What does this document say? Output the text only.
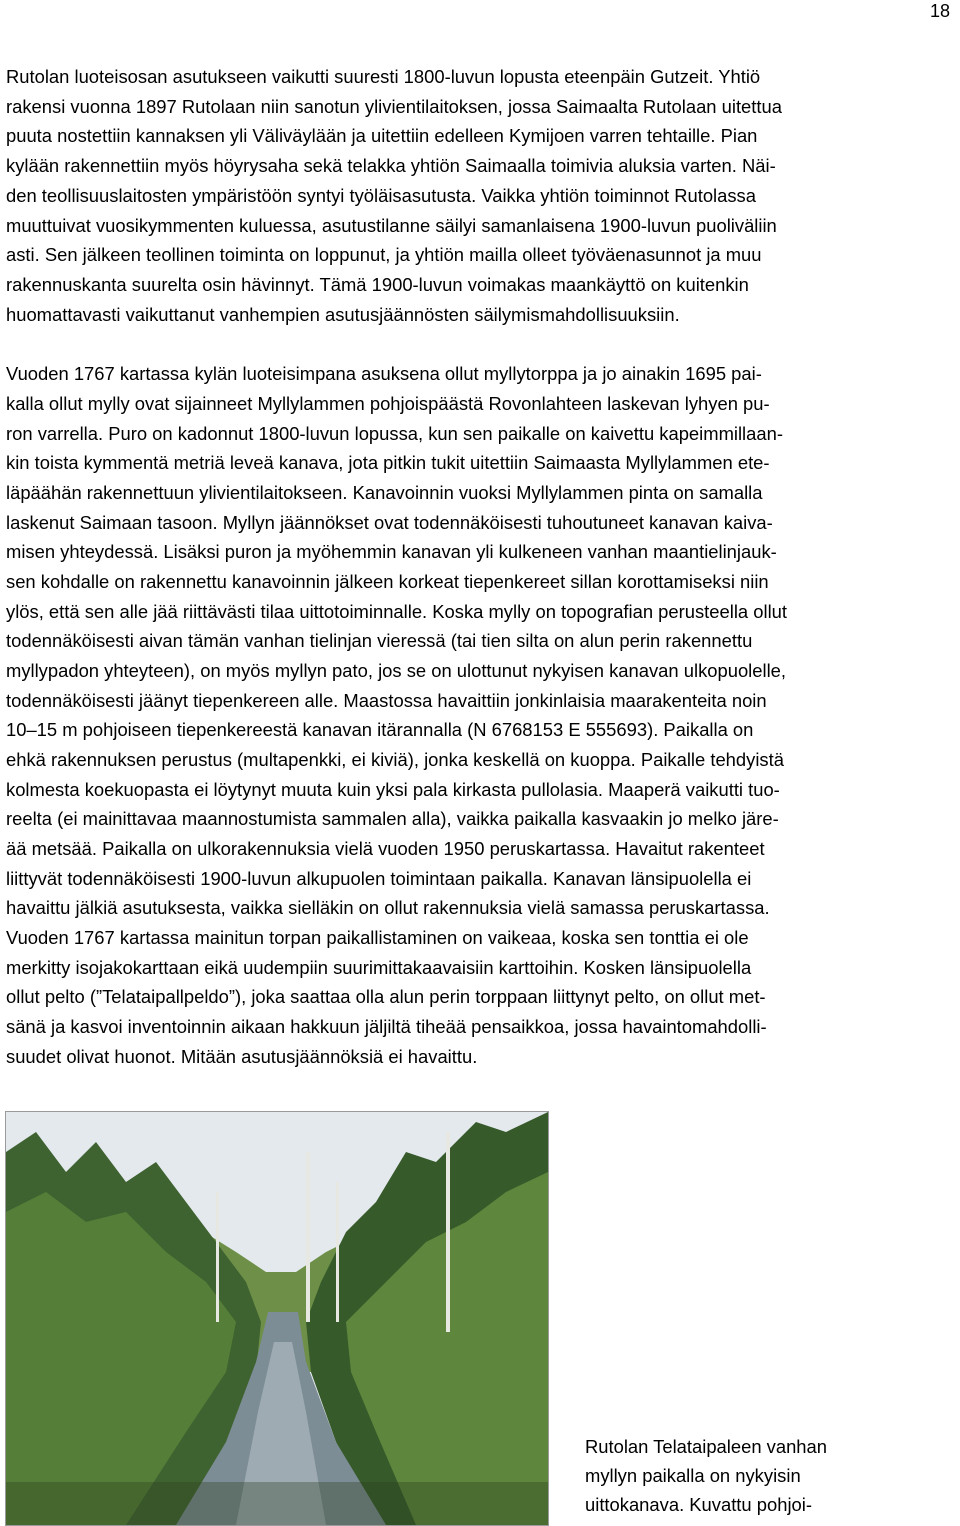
18
Rutolan luoteisosan asutukseen vaikutti suuresti 1800-luvun lopusta eteenpäin Gutzeit. Yhtiö
rakensi vuonna 1897 Rutolaan niin sanotun ylivientilaitoksen, jossa Saimaalta Rutolaan uitettua
puuta nostettiin kannaksen yli Väliväylään ja uitettiin edelleen Kymijoen varren tehtaille. Pian
kylään rakennettiin myös höyrysaha sekä telakka yhtiön Saimaalla toimivia aluksia varten. Näi-
den teollisuuslaitosten ympäristöön syntyi työläisasutusta. Vaikka yhtiön toiminnot Rutolassa
muuttuivat vuosikymmenten kuluessa, asutustilanne säilyi samanlaisena 1900-luvun puoliväliin
asti. Sen jälkeen teollinen toiminta on loppunut, ja yhtiön mailla olleet työväenasunnot ja muu
rakennuskanta suurelta osin hävinnyt. Tämä 1900-luvun voimakas maankäyttö on kuitenkin
huomattavasti vaikuttanut vanhempien asutusjäännösten säilymismahdollisuuksiin.
Vuoden 1767 kartassa kylän luoteisimpana asuksena ollut myllytorppa ja jo ainakin 1695 pai-
kalla ollut mylly ovat sijainneet Myllylammen pohjoispäästä Rovonlahteen laskevan lyhyen pu-
ron varrella. Puro on kadonnut 1800-luvun lopussa, kun sen paikalle on kaivettu kapeimmillaan-
kin toista kymmentä metriä leveä kanava, jota pitkin tukit uitettiin Saimaasta Myllylammen ete-
läpäähän rakennettuun ylivientilaitokseen. Kanavoinnin vuoksi Myllylammen pinta on samalla
laskenut Saimaan tasoon. Myllyn jäännökset ovat todennäköisesti tuhoutuneet kanavan kaiva-
misen yhteydessä. Lisäksi puron ja myöhemmin kanavan yli kulkeneen vanhan maantielinjauk-
sen kohdalle on rakennettu kanavoinnin jälkeen korkeat tiepenkereet sillan korottamiseksi niin
ylös, että sen alle jää riittävästi tilaa uittotoiminnalle. Koska mylly on topografian perusteella ollut
todennäköisesti aivan tämän vanhan tielinjan vieressä (tai tien silta on alun perin rakennettu
myllypadon yhteyteen), on myös myllyn pato, jos se on ulottunut nykyisen kanavan ulkopuolelle,
todennäköisesti jäänyt tiepenkereen alle. Maastossa havaittiin jonkinlaisia maarakenteita noin
10–15 m pohjoiseen tiepenkereestä kanavan itärannalla (N 6768153 E 555693). Paikalla on
ehkä rakennuksen perustus (multapenkki, ei kiviä), jonka keskellä on kuoppa. Paikalle tehdyistä
kolmesta koekuopasta ei löytynyt muuta kuin yksi pala kirkasta pullolasia. Maaperä vaikutti tuo-
reelta (ei mainittavaa maannostumista sammalen alla), vaikka paikalla kasvaakin jo melko järe-
ää metsää. Paikalla on ulkorakennuksia vielä vuoden 1950 peruskartassa. Havaitut rakenteet
liittyvät todennäköisesti 1900-luvun alkupuolen toimintaan paikalla. Kanavan länsipuolella ei
havaittu jälkiä asutuksesta, vaikka sielläkin on ollut rakennuksia vielä samassa peruskartassa.
Vuoden 1767 kartassa mainitun torpan paikallistaminen on vaikeaa, koska sen tonttia ei ole
merkitty isojakokarttaan eikä uudempiin suurimittakaavaisiin karttoihin. Kosken länsipuolella
ollut pelto (”Telataipallpeldo”), joka saattaa olla alun perin torppaan liittynyt pelto, on ollut met-
sänä ja kasvoi inventoinnin aikaan hakkuun jäljiltä tiheää pensaikkoa, jossa havaintomahdolli-
suudet olivat huonot. Mitään asutusjäännöksiä ei havaittu.
Rutolan Telataipaleen vanhan
myllyn paikalla on nykyisin
uittokanava. Kuvattu pohjoi-
